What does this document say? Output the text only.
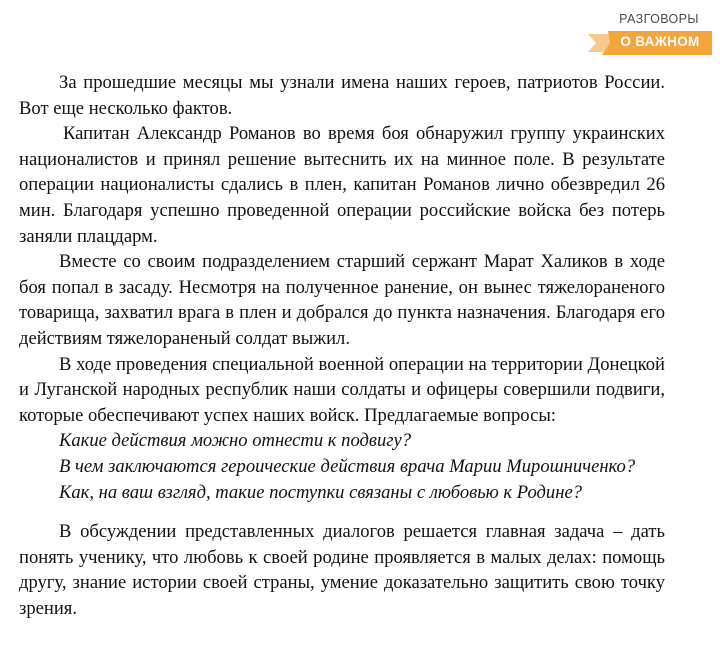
РАЗГОВОРЫ
О ВАЖНОМ

За прошедшие месяцы мы узнали имена наших героев, патриотов России. Вот еще несколько фактов.

Капитан Александр Романов во время боя обнаружил группу украинских националистов и принял решение вытеснить их на минное поле. В результате операции националисты сдались в плен, капитан Романов лично обезвредил 26 мин. Благодаря успешно проведенной операции российские войска без потерь заняли плацдарм.

Вместе со своим подразделением старший сержант Марат Халиков в ходе боя попал в засаду. Несмотря на полученное ранение, он вынес тяжелораненого товарища, захватил врага в плен и добрался до пункта назначения. Благодаря его действиям тяжелораненый солдат выжил.

В ходе проведения специальной военной операции на территории Донецкой и Луганской народных республик наши солдаты и офицеры совершили подвиги, которые обеспечивают успех наших войск. Предлагаемые вопросы:

Какие действия можно отнести к подвигу?

В чем заключаются героические действия врача Марии Мирошниченко?

Как, на ваш взгляд, такие поступки связаны с любовью к Родине?

В обсуждении представленных диалогов решается главная задача – дать понять ученику, что любовь к своей родине проявляется в малых делах: помощь другу, знание истории своей страны, умение доказательно защитить свою точку зрения.
